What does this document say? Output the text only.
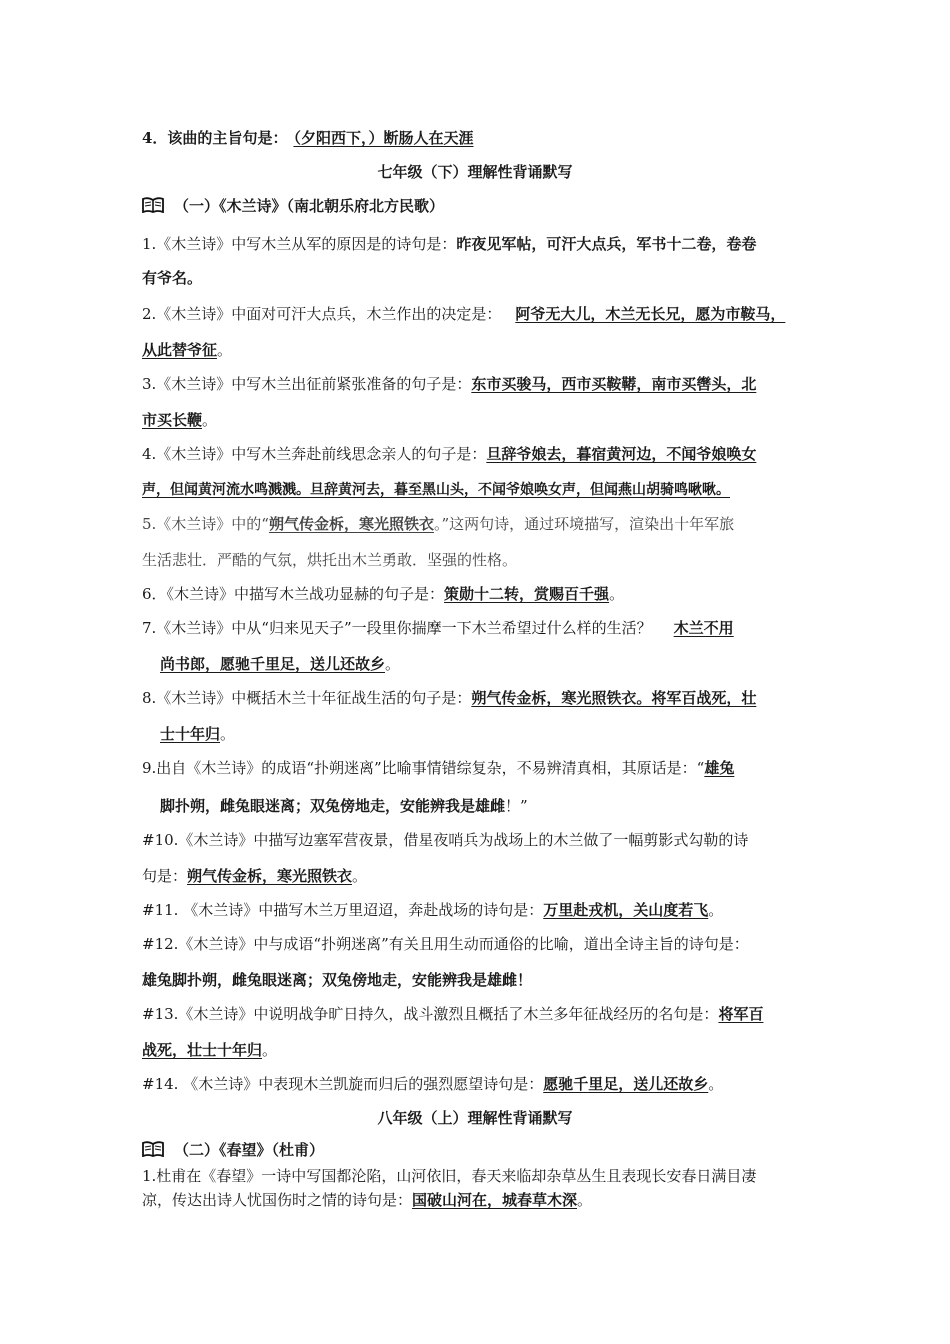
4．该曲的主旨句是： （夕阳西下，）断肠人在天涯
七年级（下）理解性背诵默写
（一）《木兰诗》（南北朝乐府北方民歌）
1.《木兰诗》中写木兰从军的原因是的诗句是：昨夜见军帖，可汗大点兵，军书十二卷，卷卷
有爷名。
2.《木兰诗》中面对可汗大点兵，木兰作出的决定是： 阿爷无大儿，木兰无长兄，愿为市鞍马，
从此替爷征。
3.《木兰诗》中写木兰出征前紧张准备的句子是：东市买骏马，西市买鞍鞯，南市买辔头，北
市买长鞭。
4.《木兰诗》中写木兰奔赴前线思念亲人的句子是：旦辞爷娘去，暮宿黄河边，不闻爷娘唤女
声，但闻黄河流水鸣溅溅。旦辞黄河去，暮至黑山头，不闻爷娘唤女声，但闻燕山胡骑鸣啾啾。
5.《木兰诗》中的“朔气传金柝，寒光照铁衣。”这两句诗，通过环境描写，渲染出十年军旅
生活悲壮．严酷的气氛，烘托出木兰勇敢．坚强的性格。
6．《木兰诗》中描写木兰战功显赫的句子是：策勋十二转，赏赐百千强。
7.《木兰诗》中从“归来见天子”一段里你揣摩一下木兰希望过什么样的生活？ 木兰不用
尚书郎，愿驰千里足，送儿还故乡。
8.《木兰诗》中概括木兰十年征战生活的句子是：朔气传金柝，寒光照铁衣。将军百战死，壮
士十年归。
9.出自《木兰诗》的成语“扑朔迷离”比喻事情错综复杂，不易辨清真相，其原话是：“雄兔
脚扑朔，雌兔眼迷离；双兔傍地走，安能辨我是雄雌！”
#10.《木兰诗》中描写边塞军营夜景，借星夜哨兵为战场上的木兰做了一幅剪影式勾勒的诗
句是：朔气传金柝，寒光照铁衣。
#11. 《木兰诗》中描写木兰万里迢迢，奔赴战场的诗句是：万里赴戎机，关山度若飞。
#12.《木兰诗》中与成语“扑朔迷离”有关且用生动而通俗的比喻，道出全诗主旨的诗句是：
雄兔脚扑朔，雌兔眼迷离；双兔傍地走，安能辨我是雄雌！
#13.《木兰诗》中说明战争旷日持久，战斗激烈且概括了木兰多年征战经历的名句是：将军百
战死，壮士十年归。
#14. 《木兰诗》中表现木兰凯旋而归后的强烈愿望诗句是：愿驰千里足，送儿还故乡。
八年级（上）理解性背诵默写
（二）《春望》（杜甫）
1.杜甫在《春望》一诗中写国都沦陷，山河依旧，春天来临却杂草丛生且表现长安春日满目凄
凉，传达出诗人忧国伤时之情的诗句是：国破山河在，城春草木深。
